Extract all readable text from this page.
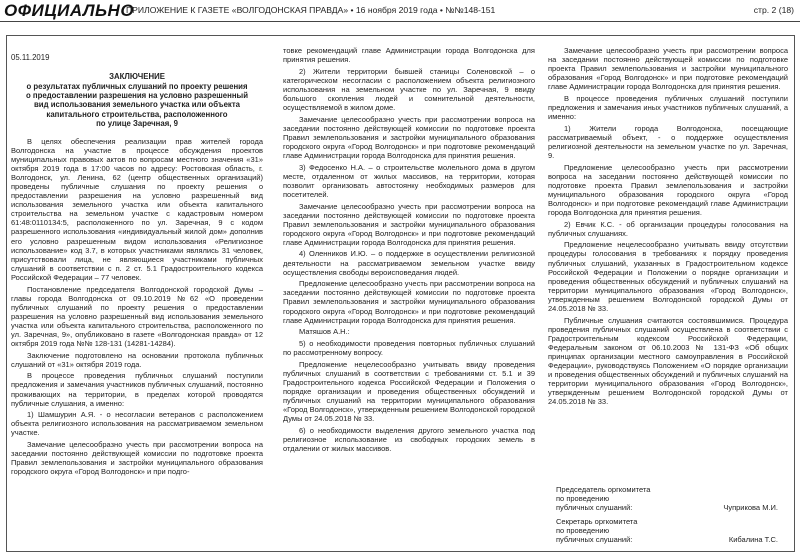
ОФИЦИАЛЬНО
ПРИЛОЖЕНИЕ К ГАЗЕТЕ «ВОЛГОДОНСКАЯ ПРАВДА» • 16 ноября 2019 года • №№148-151	стр. 2 (18)
05.11.2019
ЗАКЛЮЧЕНИЕ
о результатах публичных слушаний по проекту решения
о предоставлении разрешения на условно разрешенный
вид использования земельного участка или объекта
капитального строительства, расположенного
по улице Заречная, 9

В целях обеспечения реализации прав жителей города Волгодонска на участие в процессе обсуждения проектов муниципальных правовых актов по вопросам местного значения «31» октября 2019 года в 17:00 часов по адресу: Ростовская область, г. Волгодонск, ул. Ленина, 62 (центр общественных организаций) проведены публичные слушания по проекту решения о предоставлении разрешения на условно разрешенный вид использования земельного участка или объекта капитального строительства на земельном участке с кадастровым номером 61:48:0110134:5, расположенного по ул. Заречная, 9 с кодом разрешенного использования «индивидуальный жилой дом» дополнив его условно разрешенным видом использования «Религиозное использование» код 3.7, в которых участниками являлись 31 человек, присутствовали лица, не являющиеся участниками публичных слушаний в соответствии с п. 2 ст. 5.1 Градостроительного кодекса Российской Федерации – 77 человек.

Постановление председателя Волгодонской городской Думы – главы города Волгодонска от 09.10.2019 №62 «О проведении публичных слушаний по проекту решения о предоставлении разрешения на условно разрешенный вид использования земельного участка или объекта капитального строительства, расположенного по ул. Заречная, 9», опубликовано в газете «Волгодонская правда» от 12 октября 2019 года №№ 128-131 (14281-14284).

Заключение подготовлено на основании протокола публичных слушаний от «31» октября 2019 года.

В процессе проведения публичных слушаний поступили предложения и замечания участников публичных слушаний, постоянно проживающих на территории, в пределах которой проводятся публичные слушания, а именно:

1) Шамшурин А.Я. - о несогласии ветеранов с расположением объекта религиозного использования на рассматриваемом земельном участке.

Замечание целесообразно учесть при рассмотрении вопроса на заседании постоянно действующей комиссии по подготовке проекта Правил землепользования и застройки муниципального образования городского округа «Город Волгодонск» и при подго-

товке рекомендаций главе Администрации города Волгодонска для принятия решения.

2) Жители территории бывшей станицы Соленовской – о категорическом несогласии с расположением объекта религиозного использования на земельном участке по ул. Заречная, 9 ввиду большого скопления людей и сомнительной деятельности, осуществляемой в жилом доме.

Замечание целесообразно учесть при рассмотрении вопроса на заседании постоянно действующей комиссии по подготовке проекта Правил землепользования и застройки муниципального образования городского округа «Город Волгодонск» и при подготовке рекомендаций главе Администрации города Волгодонска для принятия решения.

3) Федосенко Н.А. – о строительстве молельного дома в другом месте, отдаленном от жилых массивов, на территории, которая позволит организовать автостоянку необходимых размеров для посетителей.

Замечание целесообразно учесть при рассмотрении вопроса на заседании постоянно действующей комиссии по подготовке проекта Правил землепользования и застройки муниципального образования городского округа «Город Волгодонск» и при подготовке рекомендаций главе Администрации города Волгодонска для принятия решения.

4) Оленников И.Ю. – о поддержке в осуществлении религиозной деятельности на рассматриваемом земельном участке ввиду осуществления свободы вероисповедания людей.

Предложение целесообразно учесть при рассмотрении вопроса на заседании постоянно действующей комиссии по подготовке проекта Правил землепользования и застройки муниципального образования городского округа «Город Волгодонск» и при подготовке рекомендаций главе Администрации города Волгодонска для принятия решения.

Матяшов А.Н.:

5) о необходимости проведения повторных публичных слушаний по рассмотренному вопросу.

Предложение нецелесообразно учитывать ввиду проведения публичных слушаний в соответствии с требованиями ст. 5.1 и 39 Градостроительного кодекса Российской Федерации и Положения о порядке организации и проведения общественных обсуждений и публичных слушаний на территории муниципального образования «Город Волгодонск», утвержденным решением Волгодонской городской Думы от 24.05.2018 № 33.

6) о необходимости выделения другого земельного участка под религиозное использование из свободных городских земель в отдалении от жилых массивов.

Замечание целесообразно учесть при рассмотрении вопроса на заседании постоянно действующей комиссии по подготовке проекта Правил землепользования и застройки муниципального образования «Город Волгодонск» и при подготовке рекомендаций главе Администрации города Волгодонска для принятия решения.

В процессе проведения публичных слушаний поступили предложения и замечания иных участников публичных слушаний, а именно:

1) Жители города Волгодонска, посещающие рассматриваемый объект, - о поддержке осуществления религиозной деятельности на земельном участке по ул. Заречная, 9.

Предложение целесообразно учесть при рассмотрении вопроса на заседании постоянно действующей комиссии по подготовке проекта Правил землепользования и застройки муниципального образования городского округа «Город Волгодонск» и при подготовке рекомендаций главе Администрации города Волгодонска для принятия решения.

2) Евчик К.С. - об организации процедуры голосования на публичных слушаниях.

Предложение нецелесообразно учитывать ввиду отсутствии процедуры голосования в требованиях к порядку проведения публичных слушаний, указанных в Градостроительном кодексе Российской Федерации и Положении о порядке организации и проведения общественных обсуждений и публичных слушаний на территории муниципального образования «Город Волгодонск», утвержденным решением Волгодонской городской Думы от 24.05.2018 № 33.

Публичные слушания считаются состоявшимися. Процедура проведения публичных слушаний осуществлена в соответствии с Градостроительным кодексом Российской Федерации, Федеральным законом от 06.10.2003 № 131-ФЗ «Об общих принципах организации местного самоуправления в Российской Федерации», руководствуясь Положением «О порядке организации и проведения общественных обсуждений и публичных слушаний на территории муниципального образования «Город Волгодонск», утвержденным решением Волгодонской городской Думы от 24.05.2018 № 33.

Председатель оргкомитета
по проведению
публичных слушаний:	Чуприкова М.И.
Секретарь оргкомитета
по проведению
публичных слушаний:	Кибалина Т.С.
